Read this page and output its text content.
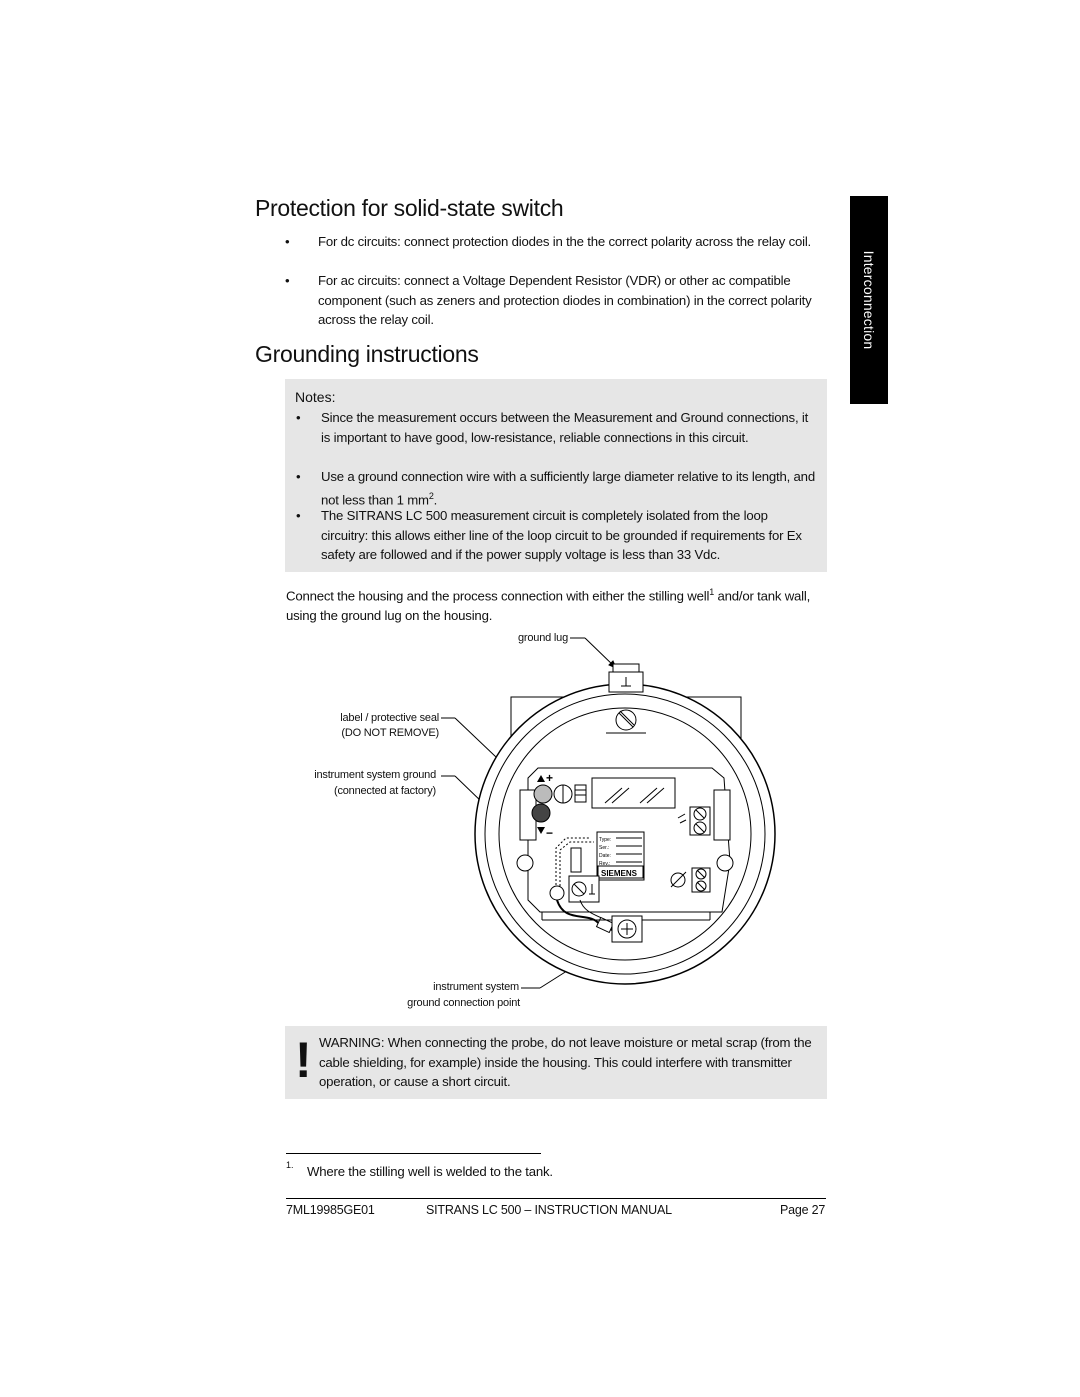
Interconnection
Protection for solid-state switch
•	For dc circuits: connect protection diodes in the the correct polarity across the relay coil.
•	For ac circuits: connect a Voltage Dependent Resistor (VDR) or other ac compatible component (such as zeners and protection diodes in combination) in the correct polarity across the relay coil.
Grounding instructions
Notes:
•	Since the measurement occurs between the Measurement and Ground connections, it is important to have good, low-resistance, reliable connections in this circuit.
•	Use a ground connection wire with a sufficiently large diameter relative to its length, and not less than 1 $mm^2$.
•	The SITRANS LC 500 measurement circuit is completely isolated from the loop circuitry: this allows either line of the loop circuit to be grounded if requirements for Ex safety are followed and if the power supply voltage is less than 33 Vdc.
Connect the housing and the process connection with either the stilling well$^1$ and/or tank wall, using the ground lug on the housing.
ground lug
label / protective seal
(DO NOT REMOVE)
instrument system ground
(connected at factory)
instrument system
ground connection point
+
−	Type:
Ser.:
Date:
Rev.:
SIEMENS
! WARNING: When connecting the probe, do not leave moisture or metal scrap (from the cable shielding, for example) inside the housing. This could interfere with transmitter operation, or cause a short circuit.
1. Where the stilling well is welded to the tank.
7ML19985GE01	SITRANS LC 500 – INSTRUCTION MANUAL	Page 27
